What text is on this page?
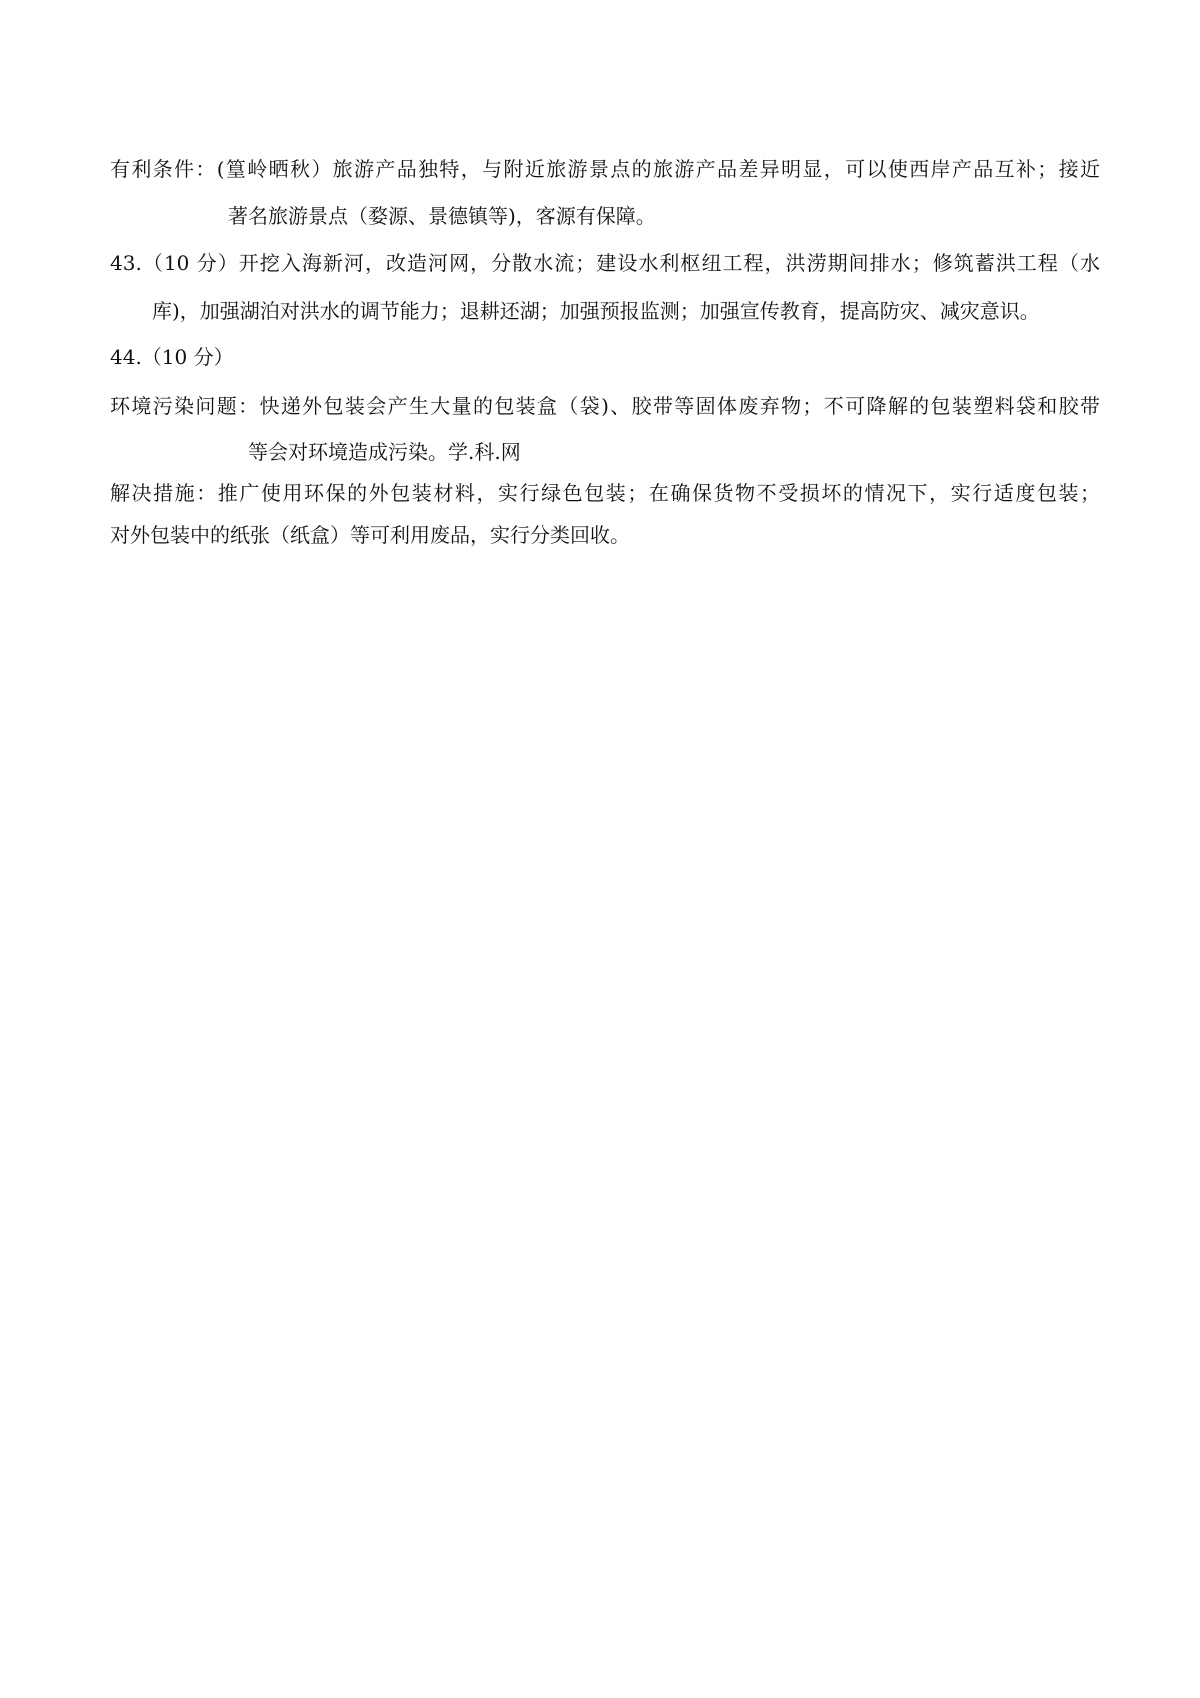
有利条件：(篁岭晒秋）旅游产品独特，与附近旅游景点的旅游产品差异明显，可以使西岸产品互补；接近
著名旅游景点（婺源、景德镇等)，客源有保障。
43.（10 分）开挖入海新河，改造河网，分散水流；建设水利枢纽工程，洪涝期间排水；修筑蓄洪工程（水
库)，加强湖泊对洪水的调节能力；退耕还湖；加强预报监测；加强宣传教育，提高防灾、减灾意识。
44.（10 分）
环境污染问题：快递外包装会产生大量的包装盒（袋)、胶带等固体废弃物；不可降解的包装塑料袋和胶带
等会对环境造成污染。学.科.网
解决措施：推广使用环保的外包装材料，实行绿色包装；在确保货物不受损坏的情况下，实行适度包装；
对外包装中的纸张（纸盒）等可利用废品，实行分类回收。
